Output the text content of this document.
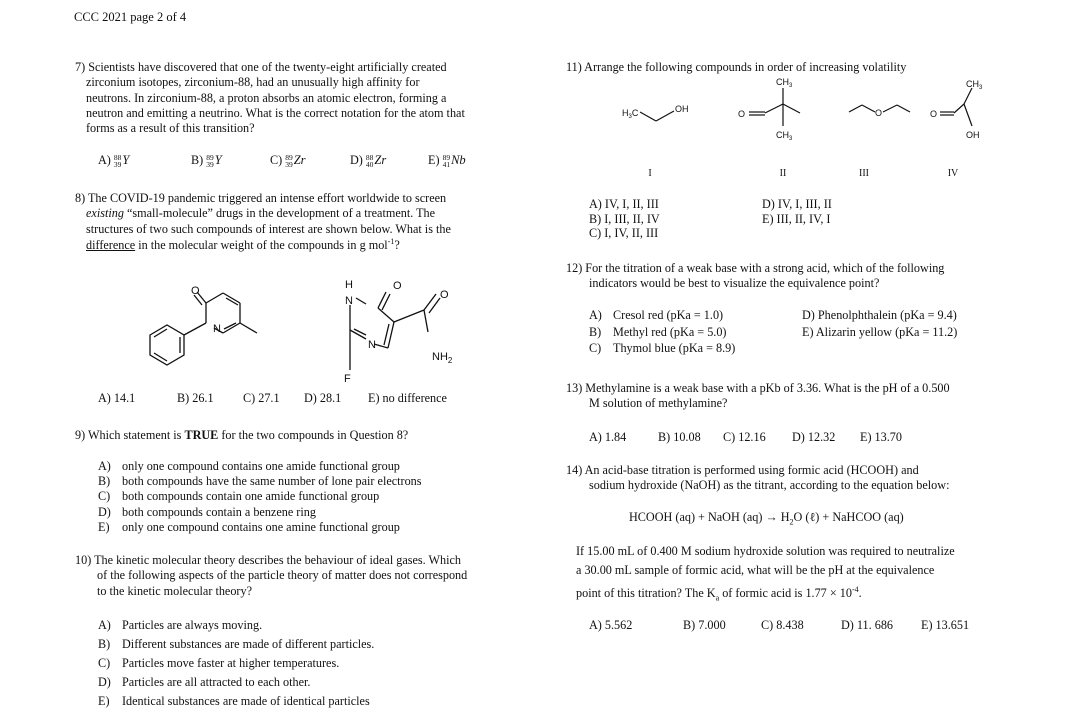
CCC 2021 page 2 of 4
7) Scientists have discovered that one of the twenty-eight artificially created
zirconium isotopes, zirconium-88, had an unusually high affinity for
neutrons. In zirconium-88, a proton absorbs an atomic electron, forming a
neutron and emitting a neutrino. What is the correct notation for the atom that
forms as a result of this transition?
A) 88
39 Y	B) 89
39 Y	C) 89
39 Zr	D) 88
40 Zr	E) 89
41 Nb
8) The COVID-19 pandemic triggered an intense effort worldwide to screen
existing “small-molecule” drugs in the development of a treatment. The
structures of two such compounds of interest are shown below. What is the
difference in the molecular weight of the compounds in g mol$^{-1}$?
O
N
H
N
O
O
N
$NH_2$
F
A) 14.1	B) 26.1 C) 27.1 D) 28.1 E) no difference
9) Which statement is TRUE for the two compounds in Question 8?
A) only one compound contains one amide functional group
B) both compounds have the same number of lone pair electrons
C) both compounds contain one amide functional group
D) both compounds contain a benzene ring
E)	only one compound contains one amine functional group
10) The kinetic molecular theory describes the behaviour of ideal gases. Which
of the following aspects of the particle theory of matter does not correspond
to the kinetic molecular theory?
A) Particles are always moving.
B) Different substances are made of different particles.
C) Particles move faster at higher temperatures.
D) Particles are all attracted to each other.
E)	Identical substances are made of identical particles
11) Arrange the following compounds in order of increasing volatility
$H_3C$	OH	O
$CH_3$
$CH_3$
O	O
$CH_3$
OH
I	II	III	IV
A) IV, I, II, III
B) I, III, II, IV
C) I, IV, II, III
D) IV, I, III, II
E) III, II, IV, I
12) For the titration of a weak base with a strong acid, which of the following
indicators would be best to visualize the equivalence point?
A) Cresol red (pKa = 1.0)
B) Methyl red (pKa = 5.0)
C) Thymol blue (pKa = 8.9)
D) Phenolphthalein (pKa = 9.4)
E) Alizarin yellow (pKa = 11.2)
13) Methylamine is a weak base with a pKb of 3.36. What is the pH of a 0.500
M solution of methylamine?
A) 1.84	B) 10.08 C) 12.16 D) 12.32 E) 13.70
14) An acid-base titration is performed using formic acid (HCOOH) and
sodium hydroxide (NaOH) as the titrant, according to the equation below:
HCOOH (aq) + NaOH $(aq) \to H_2O$ (ℓ) + NaHCOO (aq)
If 15.00 mL of 0.400 M sodium hydroxide solution was required to neutralize
a 30.00 mL sample of formic acid, what will be the pH at the equivalence
point of this titration? The $K_a$ of formic acid is $1.77 \times 10^{-4}$.
A) 5.562	B) 7.000	C) 8.438	D) 11. 686 E) 13.651
